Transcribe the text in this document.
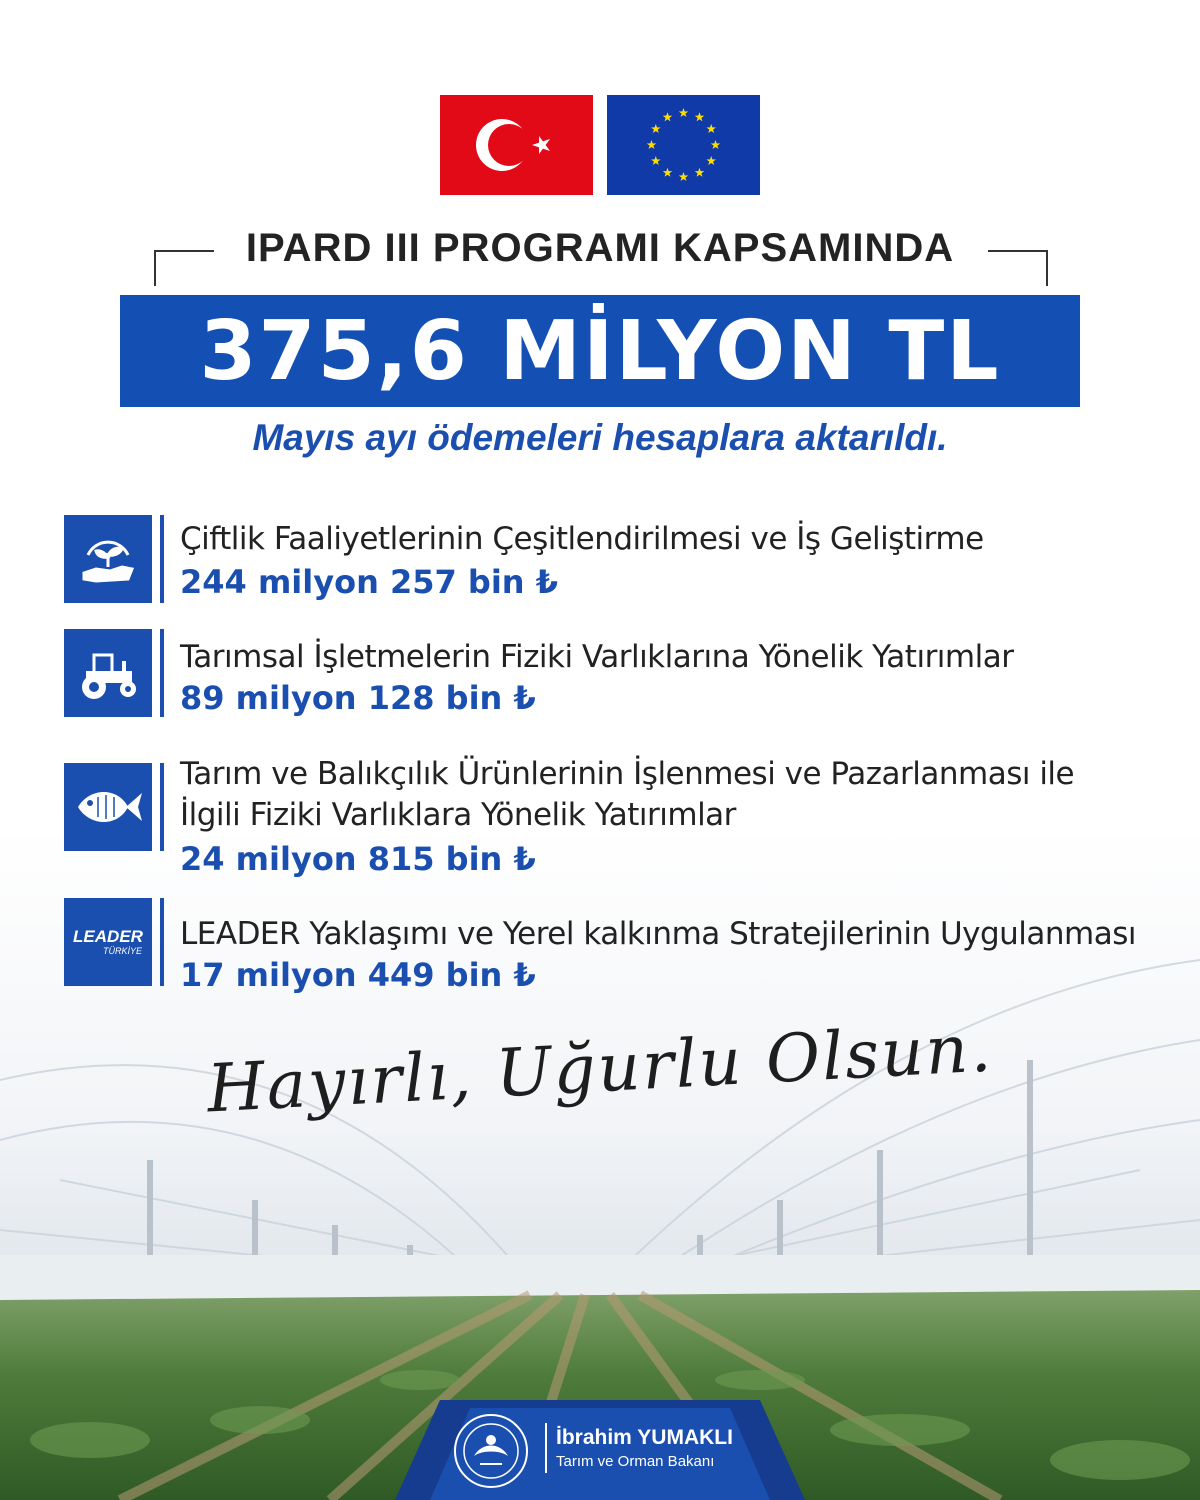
IPARD III PROGRAMI KAPSAMINDA
375,6 MİLYON TL
Mayıs ayı ödemeleri hesaplara aktarıldı.
Çiftlik Faaliyetlerinin Çeşitlendirilmesi ve İş Geliştirme
244 milyon 257 bin ₺
Tarımsal İşletmelerin Fiziki Varlıklarına Yönelik Yatırımlar
89 milyon 128 bin ₺
Tarım ve Balıkçılık Ürünlerinin İşlenmesi ve Pazarlanması ile
İlgili Fiziki Varlıklara Yönelik Yatırımlar
24 milyon 815 bin ₺
LEADER
TÜRKİYE LEADER Yaklaşımı ve Yerel kalkınma Stratejilerinin Uygulanması
17 milyon 449 bin ₺
Hayırlı, Uğurlu Olsun.
İbrahim YUMAKLI
Tarım ve Orman Bakanı
